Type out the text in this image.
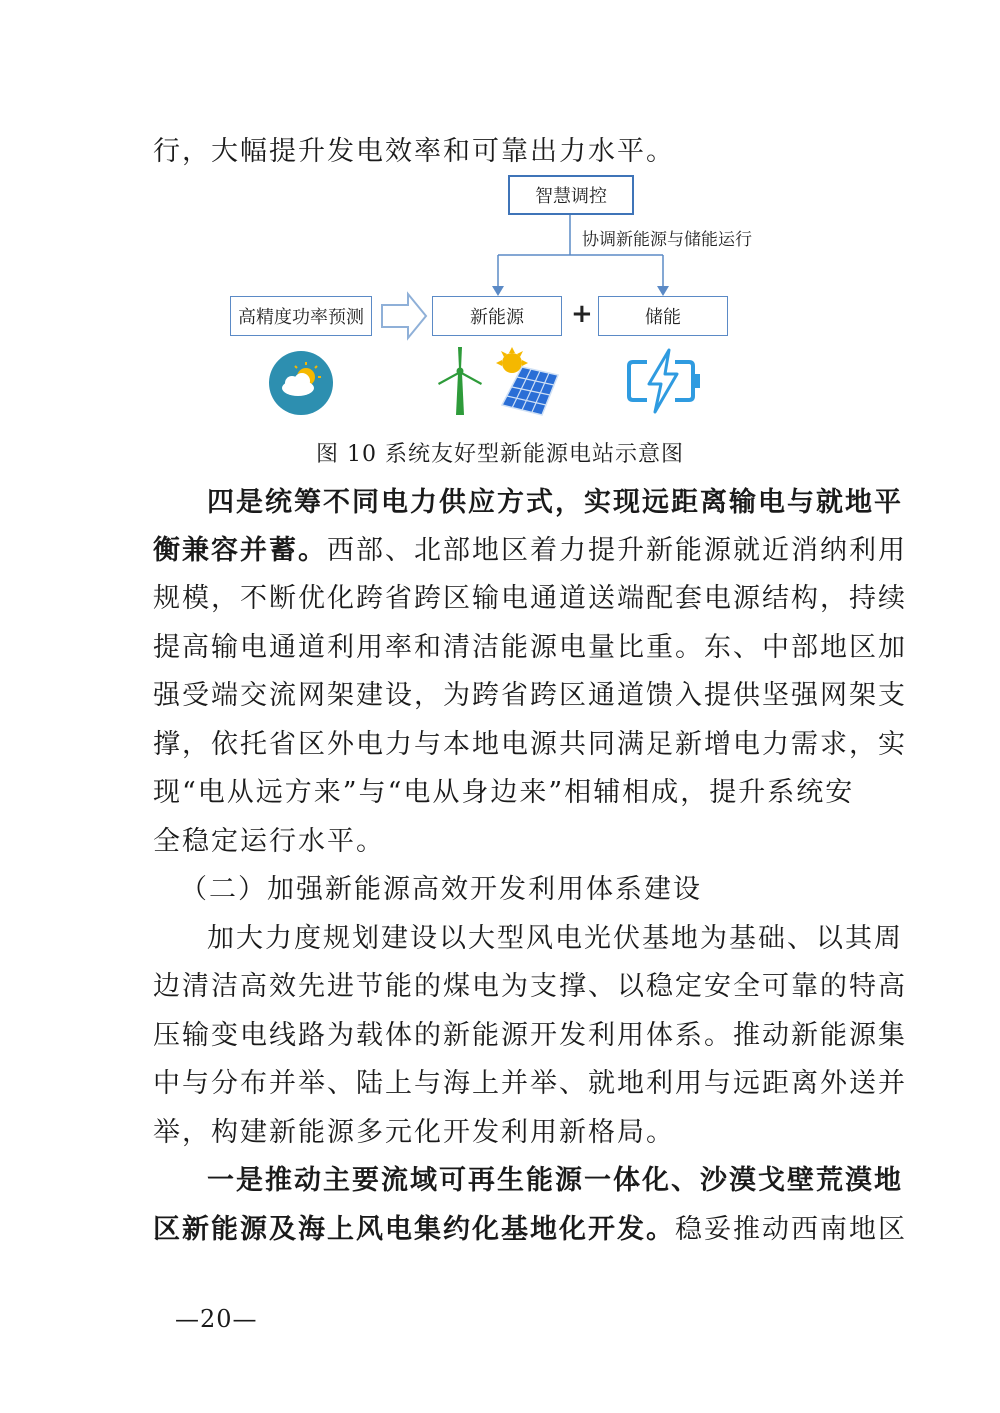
行，大幅提升发电效率和可靠出力水平。
智慧调控
协调新能源与储能运行
高精度功率预测	新能源	+	储能
图 10 系统友好型新能源电站示意图
四是统筹不同电力供应方式，实现远距离输电与就地平
衡兼容并蓄。西部、北部地区着力提升新能源就近消纳利用
规模，不断优化跨省跨区输电通道送端配套电源结构，持续
提高输电通道利用率和清洁能源电量比重。东、中部地区加
强受端交流网架建设，为跨省跨区通道馈入提供坚强网架支
撑，依托省区外电力与本地电源共同满足新增电力需求，实
现“电从远方来”与“电从身边来”相辅相成，提升系统安
全稳定运行水平。
（二）加强新能源高效开发利用体系建设
加大力度规划建设以大型风电光伏基地为基础、以其周
边清洁高效先进节能的煤电为支撑、以稳定安全可靠的特高
压输变电线路为载体的新能源开发利用体系。推动新能源集
中与分布并举、陆上与海上并举、就地利用与远距离外送并
举，构建新能源多元化开发利用新格局。
一是推动主要流域可再生能源一体化、沙漠戈壁荒漠地
区新能源及海上风电集约化基地化开发。稳妥推动西南地区
—20—
